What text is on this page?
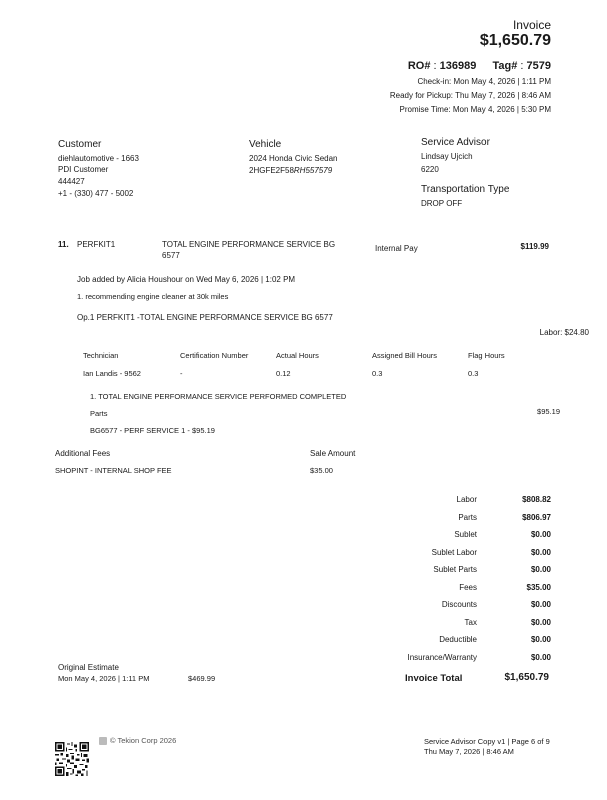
Invoice
$1,650.79
RO# : 136989 Tag# : 7579
Check-in: Mon May 4, 2026 | 1:11 PM
Ready for Pickup: Thu May 7, 2026 | 8:46 AM
Promise Time: Mon May 4, 2026 | 5:30 PM
Customer
diehlautomotive - 1663
PDI Customer
444427
+1 - (330) 477 - 5002
Vehicle
2024 Honda Civic Sedan
2HGFE2F58RH557579
Service Advisor
Lindsay Ujcich
6220
Transportation Type
DROP OFF
11. PERFKIT1	TOTAL ENGINE PERFORMANCE SERVICE BG
6577
Internal Pay	$119.99
Job added by Alicia Houshour on Wed May 6, 2026 | 1:02 PM
1. recommending engine cleaner at 30k miles
Op.1 PERFKIT1 -TOTAL ENGINE PERFORMANCE SERVICE BG 6577
Labor: $24.80
Technician	Certification Number	Actual Hours	Assigned Bill Hours	Flag Hours
Ian Landis - 9562	-	0.12	0.3	0.3
1. TOTAL ENGINE PERFORMANCE SERVICE PERFORMED COMPLETED
Parts	$95.19
BG6577 - PERF SERVICE 1 - $95.19
Additional Fees	Sale Amount
SHOPINT - INTERNAL SHOP FEE	$35.00
Labor	$808.82
Parts	$806.97
Sublet	$0.00
Sublet Labor	$0.00
Sublet Parts	$0.00
Fees	$35.00
Discounts	$0.00
Tax	$0.00
Deductible	$0.00
Insurance/Warranty	$0.00
Invoice Total	$1,650.79
Original Estimate
Mon May 4, 2026 | 1:11 PM	$469.99
© Tekion Corp 2026	Service Advisor Copy v1 | Page 6 of 9
Thu May 7, 2026 | 8:46 AM
